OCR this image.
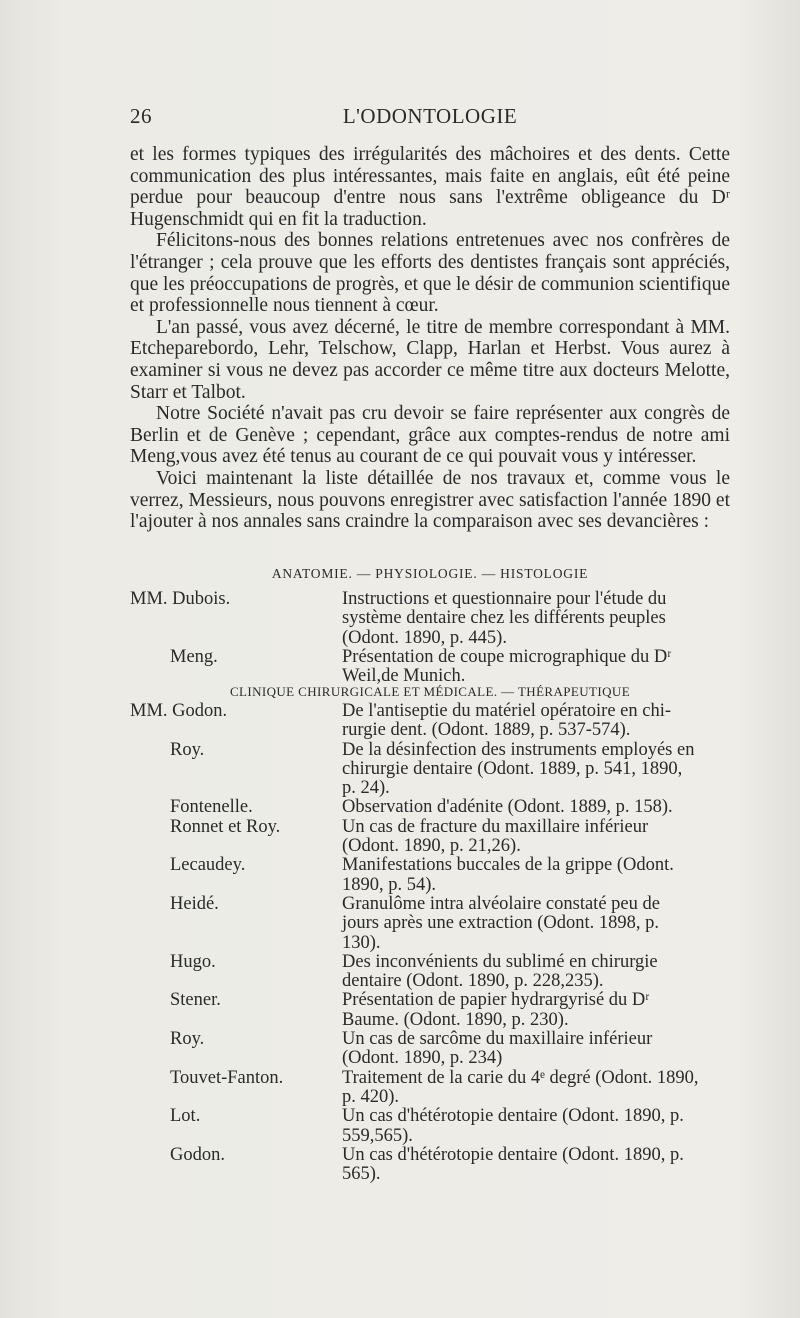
26	L'ODONTOLOGIE

et les formes typiques des irrégularités des mâchoires et des dents. Cette communication des plus intéressantes, mais faite en anglais, eût été peine perdue pour beaucoup d'entre nous sans l'extrême obligeance du Dʳ Hugenschmidt qui en fit la traduction.

Félicitons-nous des bonnes relations entretenues avec nos confrères de l'étranger ; cela prouve que les efforts des dentistes français sont appréciés, que les préoccupations de progrès, et que le désir de communion scientifique et professionnelle nous tiennent à cœur.

L'an passé, vous avez décerné, le titre de membre correspondant à MM. Etcheparebordo, Lehr, Telschow, Clapp, Harlan et Herbst. Vous aurez à examiner si vous ne devez pas accorder ce même titre aux docteurs Melotte, Starr et Talbot.

Notre Société n'avait pas cru devoir se faire représenter aux congrès de Berlin et de Genève ; cependant, grâce aux comptes-rendus de notre ami Meng,vous avez été tenus au courant de ce qui pouvait vous y intéresser.

Voici maintenant la liste détaillée de nos travaux et, comme vous le verrez, Messieurs, nous pouvons enregistrer avec satisfaction l'année 1890 et l'ajouter à nos annales sans craindre la comparaison avec ses devancières :

ANATOMIE. — PHYSIOLOGIE. — HISTOLOGIE
MM. Dubois.	Instructions et questionnaire pour l'étude du
système dentaire chez les différents peuples
(Odont. 1890, p. 445).
Meng.	Présentation de coupe micrographique du Dʳ
Weil,de Munich.
CLINIQUE CHIRURGICALE ET MÉDICALE. — THÉRAPEUTIQUE
MM. Godon.	De l'antiseptie du matériel opératoire en chi-
rurgie dent. (Odont. 1889, p. 537-574).
Roy.	De la désinfection des instruments employés en
chirurgie dentaire (Odont. 1889, p. 541, 1890,
p. 24).
Fontenelle.	Observation d'adénite (Odont. 1889, p. 158).
Ronnet et Roy.	Un cas de fracture du maxillaire inférieur
(Odont. 1890, p. 21,26).
Lecaudey.	Manifestations buccales de la grippe (Odont.
1890, p. 54).
Heidé.	Granulôme intra alvéolaire constaté peu de
jours après une extraction (Odont. 1898, p.
130).
Hugo.	Des inconvénients du sublimé en chirurgie
dentaire (Odont. 1890, p. 228,235).
Stener.	Présentation de papier hydrargyrisé du Dʳ
Baume. (Odont. 1890, p. 230).
Roy.	Un cas de sarcôme du maxillaire inférieur
(Odont. 1890, p. 234)
Touvet-Fanton.	Traitement de la carie du 4ᵉ degré (Odont. 1890,
p. 420).
Lot.	Un cas d'hétérotopie dentaire (Odont. 1890, p.
559,565).
Godon.	Un cas d'hétérotopie dentaire (Odont. 1890, p.
565).
